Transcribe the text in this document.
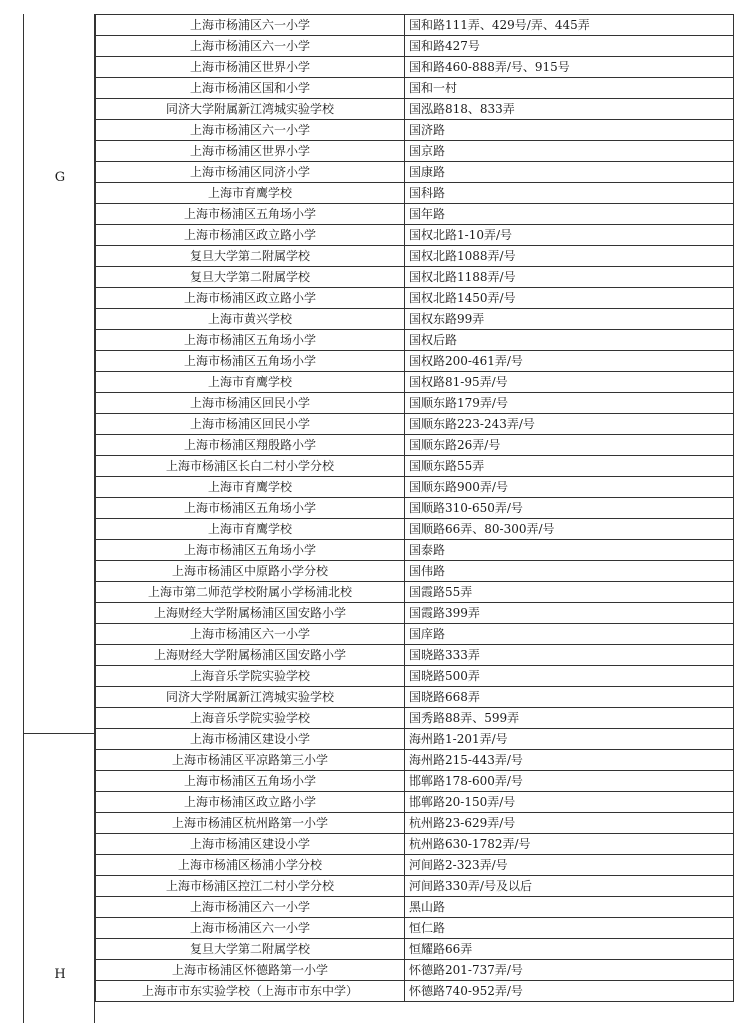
G
H
上海市杨浦区六一小学	国和路111弄、429号/弄、445弄
上海市杨浦区六一小学	国和路427号
上海市杨浦区世界小学	国和路460-888弄/号、915号
上海市杨浦区国和小学	国和一村
同济大学附属新江湾城实验学校	国泓路818、833弄
上海市杨浦区六一小学	国济路
上海市杨浦区世界小学	国京路
上海市杨浦区同济小学	国康路
上海市育鹰学校	国科路
上海市杨浦区五角场小学	国年路
上海市杨浦区政立路小学	国权北路1-10弄/号
复旦大学第二附属学校	国权北路1088弄/号
复旦大学第二附属学校	国权北路1188弄/号
上海市杨浦区政立路小学	国权北路1450弄/号
上海市黄兴学校	国权东路99弄
上海市杨浦区五角场小学	国权后路
上海市杨浦区五角场小学	国权路200-461弄/号
上海市育鹰学校	国权路81-95弄/号
上海市杨浦区回民小学	国顺东路179弄/号
上海市杨浦区回民小学	国顺东路223-243弄/号
上海市杨浦区翔殷路小学	国顺东路26弄/号
上海市杨浦区长白二村小学分校	国顺东路55弄
上海市育鹰学校	国顺东路900弄/号
上海市杨浦区五角场小学	国顺路310-650弄/号
上海市育鹰学校	国顺路66弄、80-300弄/号
上海市杨浦区五角场小学	国泰路
上海市杨浦区中原路小学分校	国伟路
上海市第二师范学校附属小学杨浦北校	国霞路55弄
上海财经大学附属杨浦区国安路小学	国霞路399弄
上海市杨浦区六一小学	国庠路
上海财经大学附属杨浦区国安路小学	国晓路333弄
上海音乐学院实验学校	国晓路500弄
同济大学附属新江湾城实验学校	国晓路668弄
上海音乐学院实验学校	国秀路88弄、599弄
上海市杨浦区建设小学	海州路1-201弄/号
上海市杨浦区平凉路第三小学	海州路215-443弄/号
上海市杨浦区五角场小学	邯郸路178-600弄/号
上海市杨浦区政立路小学	邯郸路20-150弄/号
上海市杨浦区杭州路第一小学	杭州路23-629弄/号
上海市杨浦区建设小学	杭州路630-1782弄/号
上海市杨浦区杨浦小学分校	河间路2-323弄/号
上海市杨浦区控江二村小学分校	河间路330弄/号及以后
上海市杨浦区六一小学	黑山路
上海市杨浦区六一小学	恒仁路
复旦大学第二附属学校	恒耀路66弄
上海市杨浦区怀德路第一小学	怀德路201-737弄/号
上海市市东实验学校（上海市市东中学）	怀德路740-952弄/号
